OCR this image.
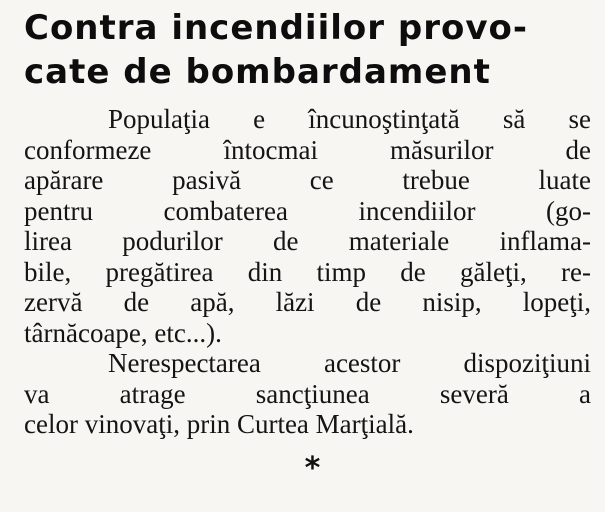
Contra incendiilor provo-
cate de bombardament

Populaţia e încunoştinţată să se
conformeze întocmai măsurilor de
apărare pasivă ce trebue luate
pentru combaterea incendiilor (go-
lirea podurilor de materiale inflama-
bile, pregătirea din timp de găleţi, re-
zervă de apă, lăzi de nisip, lopeţi,
târnăcoape, etc...).

Nerespectarea acestor dispoziţiuni
va atrage sancţiunea severă a
celor vinovaţi, prin Curtea Marţială.

*
